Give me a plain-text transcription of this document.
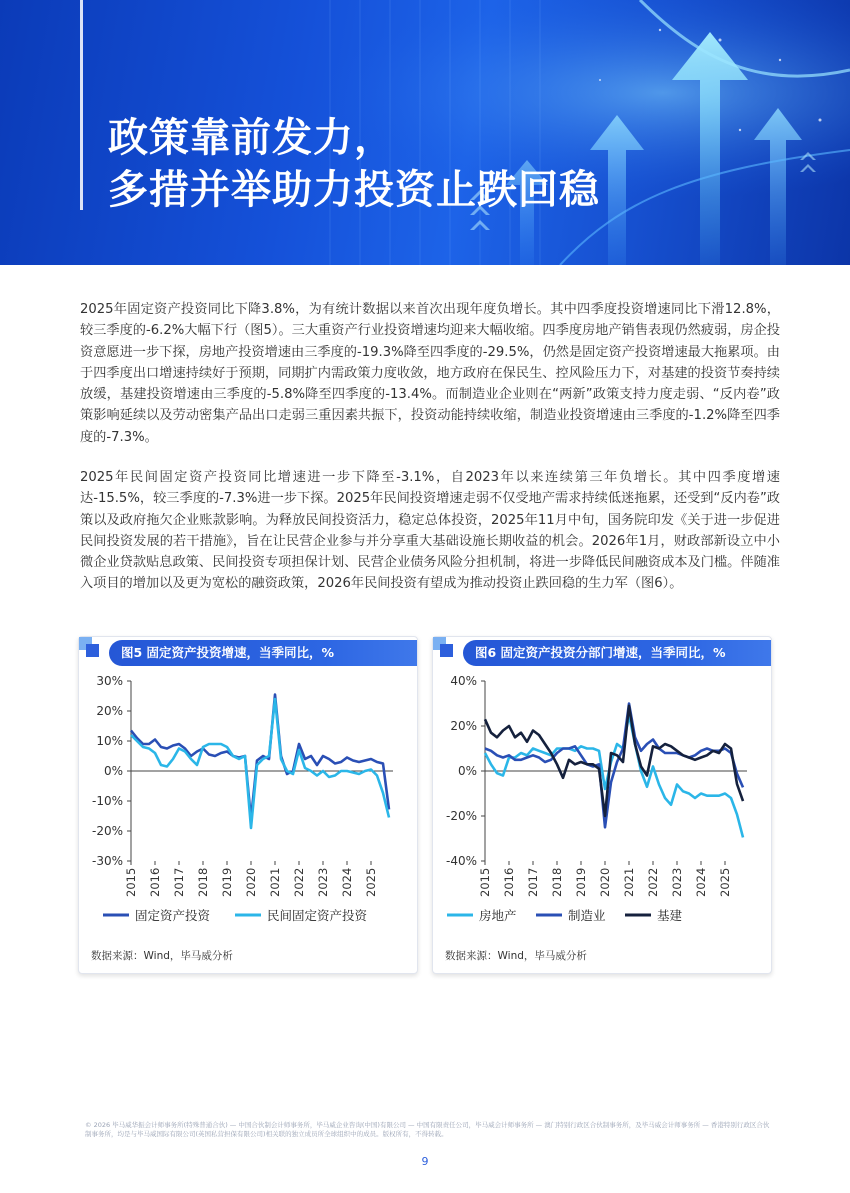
政策靠前发力，
多措并举助力投资止跌回稳

2025年固定资产投资同比下降3.8%，为有统计数据以来首次出现年度负增长。其中四季度投资增速同比下滑12.8%，较三季度的-6.2%大幅下行（图5）。三大重资产行业投资增速均迎来大幅收缩。四季度房地产销售表现仍然疲弱，房企投资意愿进一步下探，房地产投资增速由三季度的-19.3%降至四季度的-29.5%，仍然是固定资产投资增速最大拖累项。由于四季度出口增速持续好于预期，同期扩内需政策力度收敛，地方政府在保民生、控风险压力下，对基建的投资节奏持续放缓，基建投资增速由三季度的-5.8%降至四季度的-13.4%。而制造业企业则在“两新”政策支持力度走弱、“反内卷”政策影响延续以及劳动密集产品出口走弱三重因素共振下，投资动能持续收缩，制造业投资增速由三季度的-1.2%降至四季度的-7.3%。

2025年民间固定资产投资同比增速进一步下降至-3.1%，自2023年以来连续第三年负增长。其中四季度增速达-15.5%，较三季度的-7.3%进一步下探。2025年民间投资增速走弱不仅受地产需求持续低迷拖累，还受到“反内卷”政策以及政府拖欠企业账款影响。为释放民间投资活力，稳定总体投资，2025年11月中旬，国务院印发《关于进一步促进民间投资发展的若干措施》，旨在让民营企业参与并分享重大基础设施长期收益的机会。2026年1月，财政部新设立中小微企业贷款贴息政策、民间投资专项担保计划、民营企业债务风险分担机制，将进一步降低民间融资成本及门槛。伴随准入项目的增加以及更为宽松的融资政策，2026年民间投资有望成为推动投资止跌回稳的生力军（图6）。

图5 固定资产投资增速，当季同比，%
30%
20%
10%
0%
-10%
-20%
-30%
2015 2016 2017 2018 2019 2020 2021 2022 2023 2024 2025
固定资产投资	民间固定资产投资
数据来源：Wind，毕马威分析
图6 固定资产投资分部门增速，当季同比，%
40%
20%
0%
-20%
-40%
2015 2016 2017 2018 2019 2020 2021 2022 2023 2024 2025
房地产	制造业	基建
数据来源：Wind，毕马威分析
© 2026 毕马威华振会计师事务所(特殊普通合伙) — 中国合伙制会计师事务所，毕马威企业咨询(中国)有限公司 — 中国有限责任公司，毕马威会计师事务所 — 澳门特别行政区合伙制事务所，及毕马威会计师事务所 — 香港特别行政区合伙制事务所，均是与毕马威国际有限公司(英国私营担保有限公司)相关联的独立成员所全球组织中的成员。版权所有，不得转载。
9
